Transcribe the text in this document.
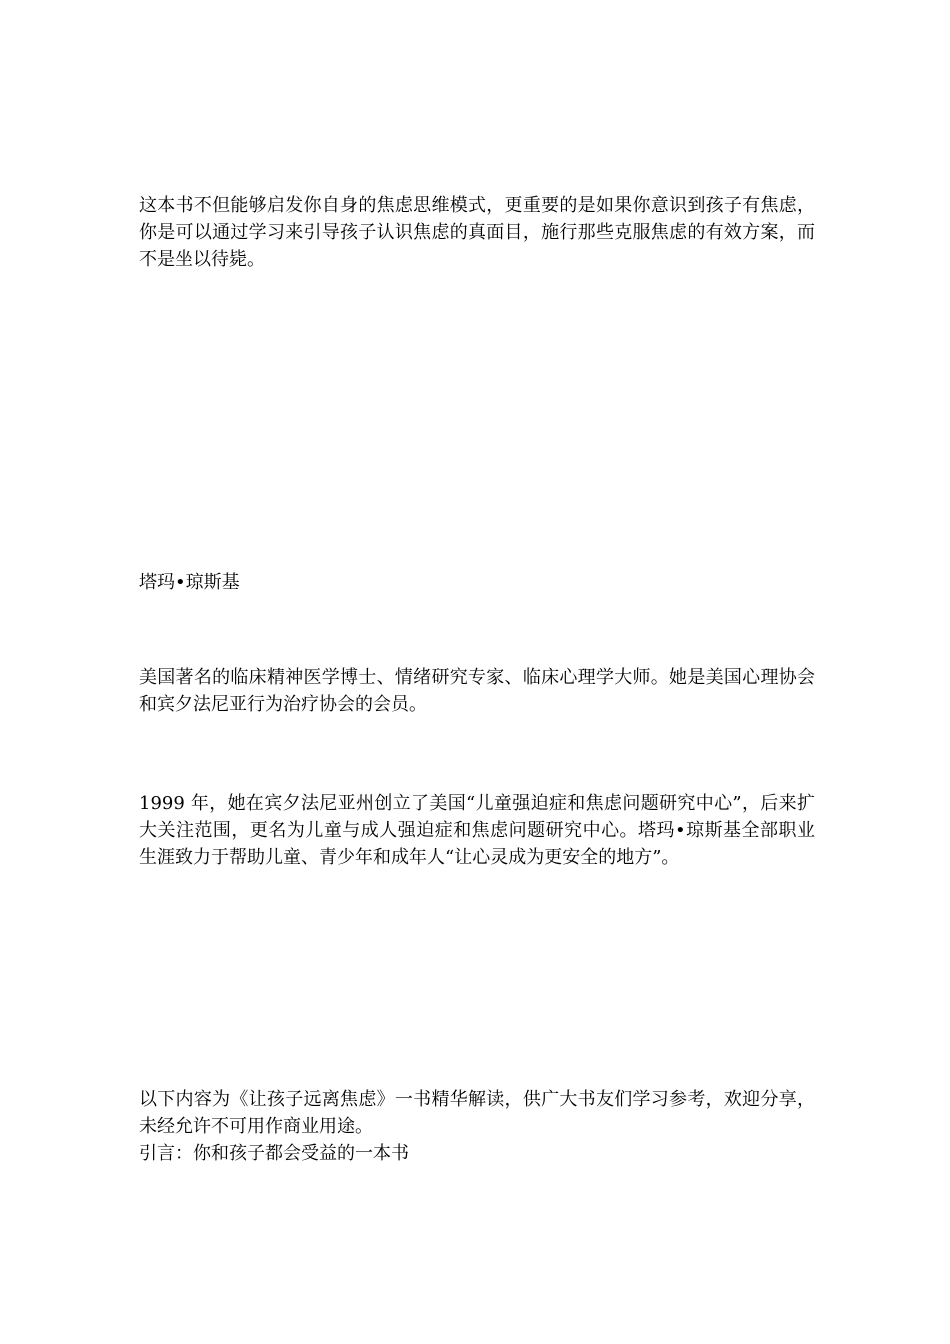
这本书不但能够启发你自身的焦虑思维模式，更重要的是如果你意识到孩子有焦虑，你是可以通过学习来引导孩子认识焦虑的真面目，施行那些克服焦虑的有效方案，而不是坐以待毙。

塔玛•琼斯基

美国著名的临床精神医学博士、情绪研究专家、临床心理学大师。她是美国心理协会和宾夕法尼亚行为治疗协会的会员。

1999 年，她在宾夕法尼亚州创立了美国“儿童强迫症和焦虑问题研究中心”，后来扩大关注范围，更名为儿童与成人强迫症和焦虑问题研究中心。塔玛•琼斯基全部职业生涯致力于帮助儿童、青少年和成年人“让心灵成为更安全的地方”。

以下内容为《让孩子远离焦虑》一书精华解读，供广大书友们学习参考，欢迎分享，未经允许不可用作商业用途。

引言：你和孩子都会受益的一本书
